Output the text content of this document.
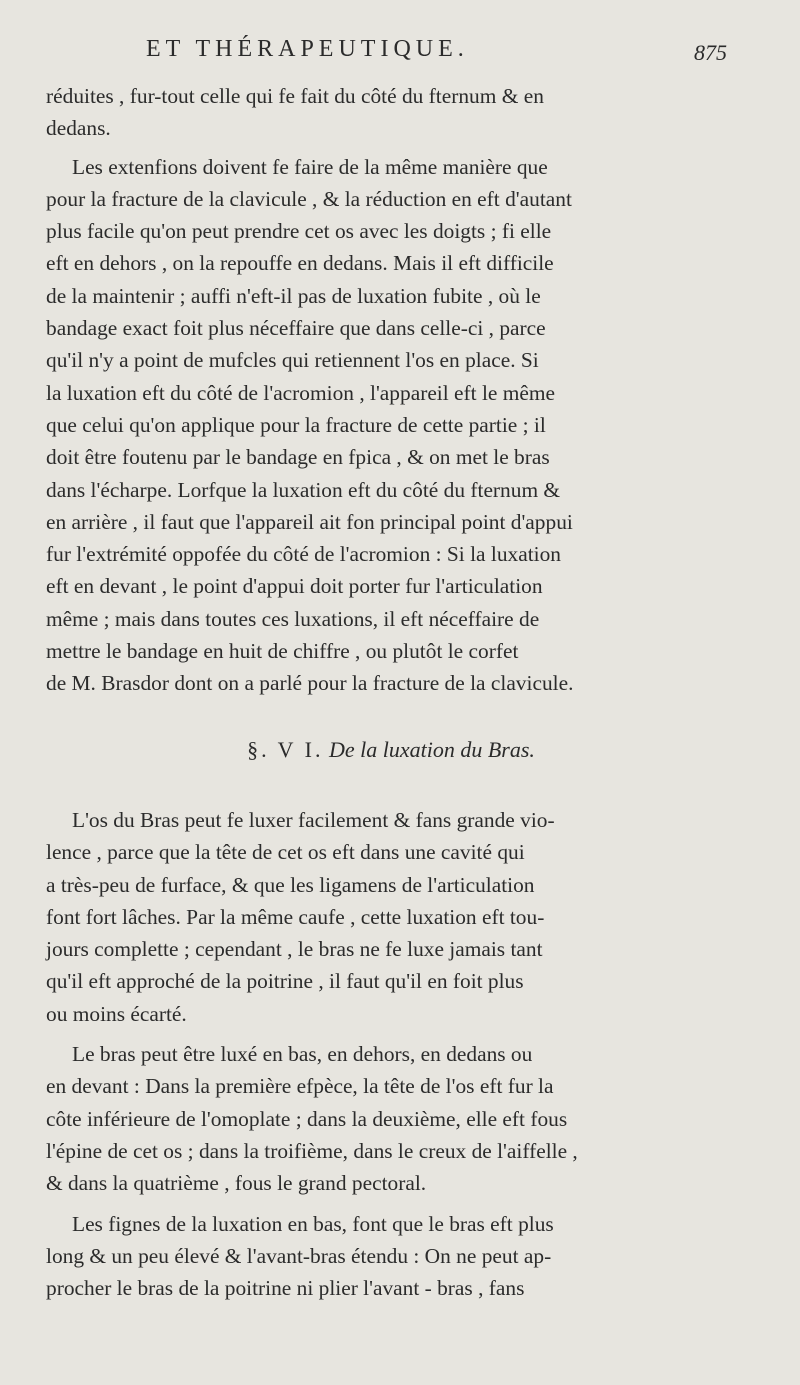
ET THÉRAPEUTIQUE.	875

réduites , fur-tout celle qui fe fait du côté du fternum & en
dedans.

Les extenfions doivent fe faire de la même manière que
pour la fracture de la clavicule , & la réduction en eft d'autant
plus facile qu'on peut prendre cet os avec les doigts ; fi elle
eft en dehors , on la repouffe en dedans. Mais il eft difficile
de la maintenir ; auffi n'eft-il pas de luxation fubite , où le
bandage exact foit plus néceffaire que dans celle-ci , parce
qu'il n'y a point de mufcles qui retiennent l'os en place. Si
la luxation eft du côté de l'acromion , l'appareil eft le même
que celui qu'on applique pour la fracture de cette partie ; il
doit être foutenu par le bandage en fpica , & on met le bras
dans l'écharpe. Lorfque la luxation eft du côté du fternum &
en arrière , il faut que l'appareil ait fon principal point d'appui
fur l'extrémité oppofée du côté de l'acromion : Si la luxation
eft en devant , le point d'appui doit porter fur l'articulation
même ; mais dans toutes ces luxations, il eft néceffaire de
mettre le bandage en huit de chiffre , ou plutôt le corfet
de M. Brasdor dont on a parlé pour la fracture de la clavicule.

§. V I. De la luxation du Bras.

L'os du Bras peut fe luxer facilement & fans grande vio-
lence , parce que la tête de cet os eft dans une cavité qui
a très-peu de furface, & que les ligamens de l'articulation
font fort lâches. Par la même caufe , cette luxation eft tou-
jours complette ; cependant , le bras ne fe luxe jamais tant
qu'il eft approché de la poitrine , il faut qu'il en foit plus
ou moins écarté.

Le bras peut être luxé en bas, en dehors, en dedans ou
en devant : Dans la première efpèce, la tête de l'os eft fur la
côte inférieure de l'omoplate ; dans la deuxième, elle eft fous
l'épine de cet os ; dans la troifième, dans le creux de l'aiffelle ,
& dans la quatrième , fous le grand pectoral.

Les fignes de la luxation en bas, font que le bras eft plus
long & un peu élevé & l'avant-bras étendu : On ne peut ap-
procher le bras de la poitrine ni plier l'avant - bras , fans
